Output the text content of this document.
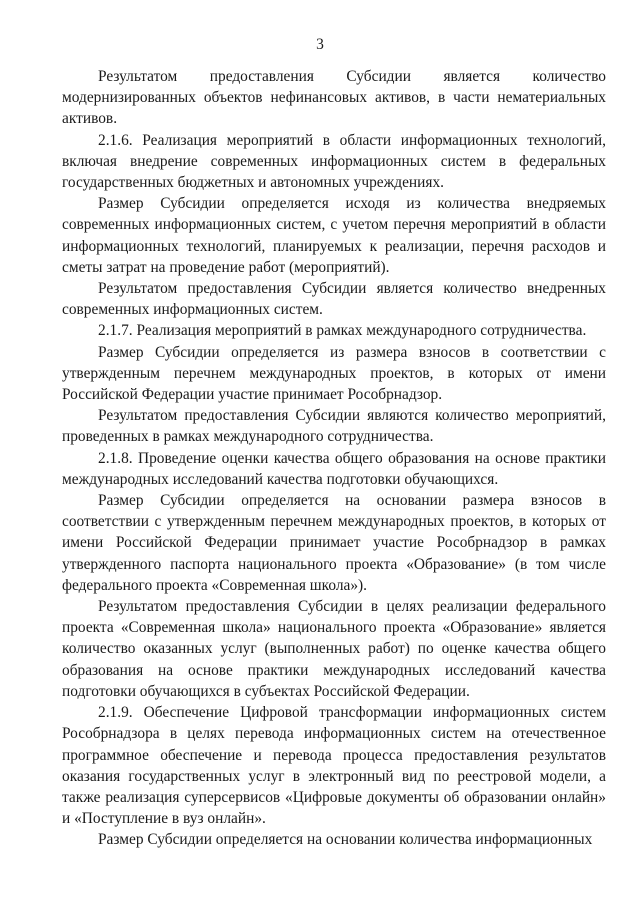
3

Результатом предоставления Субсидии является количество модернизированных объектов нефинансовых активов, в части нематериальных активов.

2.1.6. Реализация мероприятий в области информационных технологий, включая внедрение современных информационных систем в федеральных государственных бюджетных и автономных учреждениях.

Размер Субсидии определяется исходя из количества внедряемых современных информационных систем, с учетом перечня мероприятий в области информационных технологий, планируемых к реализации, перечня расходов и сметы затрат на проведение работ (мероприятий).

Результатом предоставления Субсидии является количество внедренных современных информационных систем.

2.1.7. Реализация мероприятий в рамках международного сотрудничества.

Размер Субсидии определяется из размера взносов в соответствии с утвержденным перечнем международных проектов, в которых от имени Российской Федерации участие принимает Рособрнадзор.

Результатом предоставления Субсидии являются количество мероприятий, проведенных в рамках международного сотрудничества.

2.1.8. Проведение оценки качества общего образования на основе практики международных исследований качества подготовки обучающихся.

Размер Субсидии определяется на основании размера взносов в соответствии с утвержденным перечнем международных проектов, в которых от имени Российской Федерации принимает участие Рособрнадзор в рамках утвержденного паспорта национального проекта «Образование» (в том числе федерального проекта «Современная школа»).

Результатом предоставления Субсидии в целях реализации федерального проекта «Современная школа» национального проекта «Образование» является количество оказанных услуг (выполненных работ) по оценке качества общего образования на основе практики международных исследований качества подготовки обучающихся в субъектах Российской Федерации.

2.1.9. Обеспечение Цифровой трансформации информационных систем Рособрнадзора в целях перевода информационных систем на отечественное программное обеспечение и перевода процесса предоставления результатов оказания государственных услуг в электронный вид по реестровой модели, а также реализация суперсервисов «Цифровые документы об образовании онлайн» и «Поступление в вуз онлайн».

Размер Субсидии определяется на основании количества информационных
